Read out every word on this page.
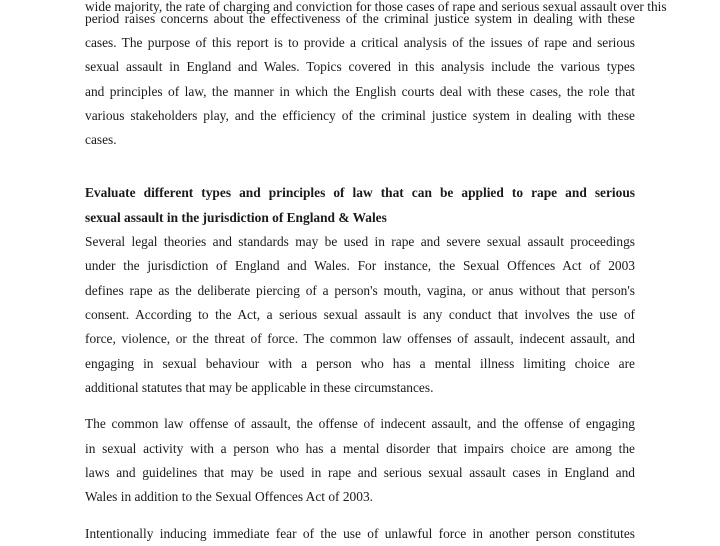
wide majority, the rate of charging and conviction for those cases of rape and serious sexual assault over this
period raises concerns about the effectiveness of the criminal justice system in dealing with these
cases. The purpose of this report is to provide a critical analysis of the issues of rape and serious
sexual assault in England and Wales. Topics covered in this analysis include the various types
and principles of law, the manner in which the English courts deal with these cases, the role that
various stakeholders play, and the efficiency of the criminal justice system in dealing with these
cases.
Evaluate different types and principles of law that can be applied to rape and serious
sexual assault in the jurisdiction of England & Wales
Several legal theories and standards may be used in rape and severe sexual assault proceedings
under the jurisdiction of England and Wales. For instance, the Sexual Offences Act of 2003
defines rape as the deliberate piercing of a person's mouth, vagina, or anus without that person's
consent. According to the Act, a serious sexual assault is any conduct that involves the use of
force, violence, or the threat of force. The common law offenses of assault, indecent assault, and
engaging in sexual behaviour with a person who has a mental illness limiting choice are
additional statutes that may be applicable in these circumstances.
The common law offense of assault, the offense of indecent assault, and the offense of engaging
in sexual activity with a person who has a mental disorder that impairs choice are among the
laws and guidelines that may be used in rape and serious sexual assault cases in England and
Wales in addition to the Sexual Offences Act of 2003.
Intentionally inducing immediate fear of the use of unlawful force in another person constitutes
